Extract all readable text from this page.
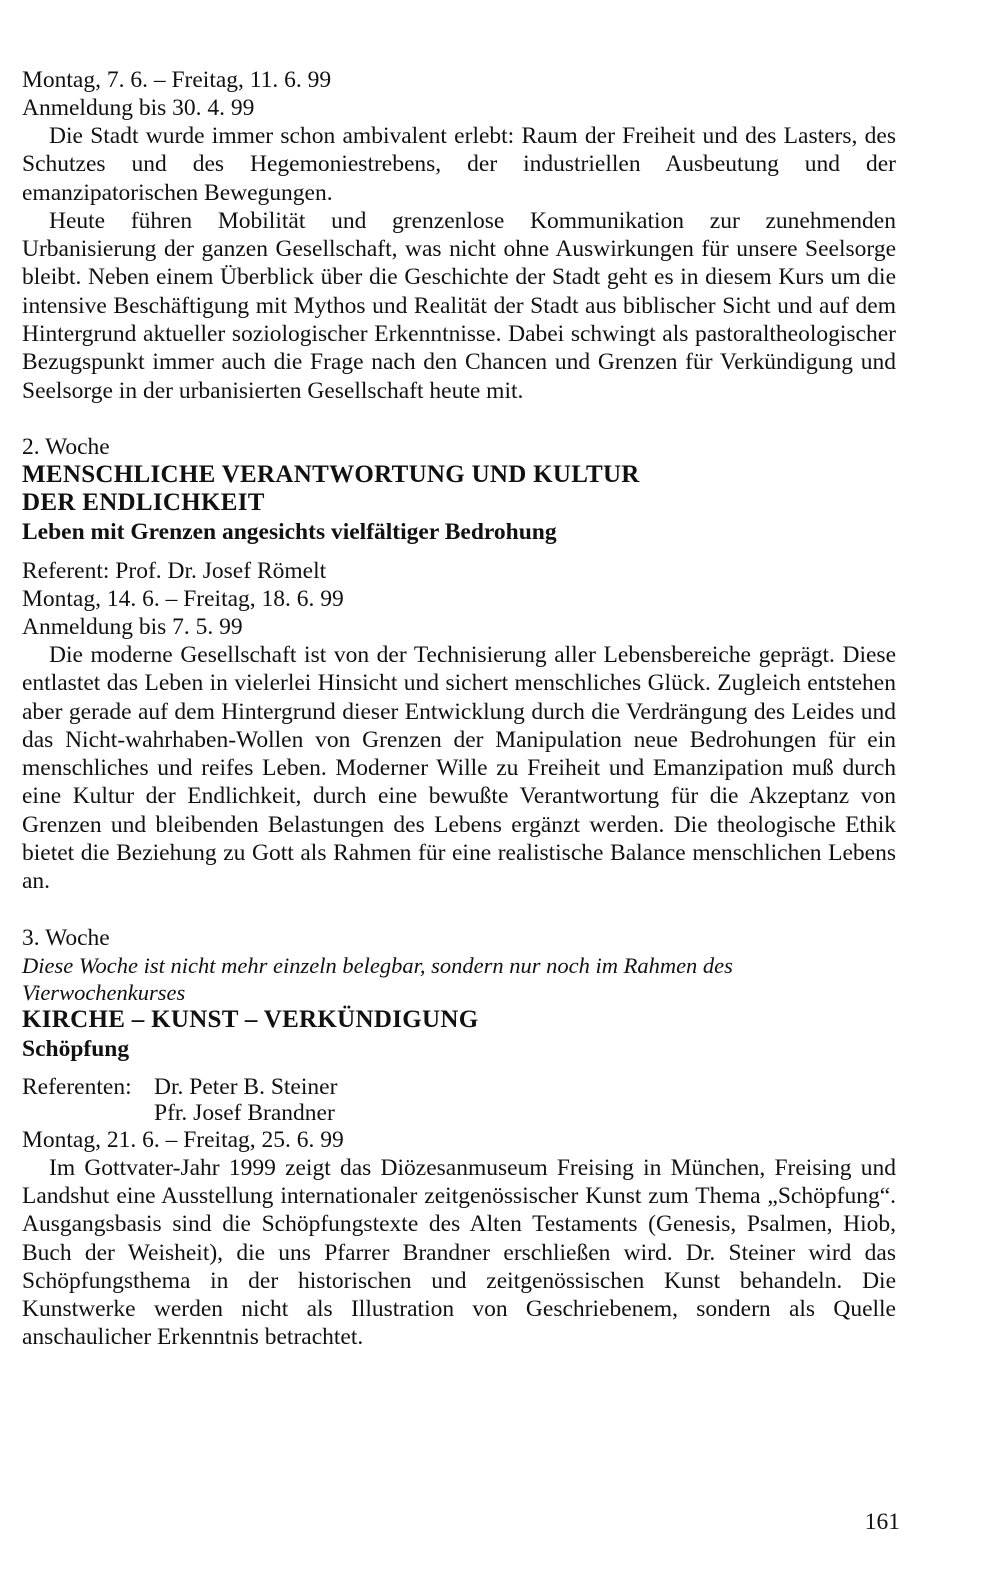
Montag, 7. 6. – Freitag, 11. 6. 99
Anmeldung bis 30. 4. 99

Die Stadt wurde immer schon ambivalent erlebt: Raum der Freiheit und des Lasters, des Schutzes und des Hegemoniestrebens, der industriellen Ausbeutung und der emanzipatorischen Bewegungen.

Heute führen Mobilität und grenzenlose Kommunikation zur zunehmenden Urbanisierung der ganzen Gesellschaft, was nicht ohne Auswirkungen für unsere Seelsorge bleibt. Neben einem Überblick über die Geschichte der Stadt geht es in diesem Kurs um die intensive Beschäftigung mit Mythos und Realität der Stadt aus biblischer Sicht und auf dem Hintergrund aktueller soziologischer Erkenntnisse. Dabei schwingt als pastoraltheologischer Bezugspunkt immer auch die Frage nach den Chancen und Grenzen für Verkündigung und Seelsorge in der urbanisierten Gesellschaft heute mit.

2. Woche
MENSCHLICHE VERANTWORTUNG UND KULTUR
DER ENDLICHKEIT
Leben mit Grenzen angesichts vielfältiger Bedrohung
Referent: Prof. Dr. Josef Römelt
Montag, 14. 6. – Freitag, 18. 6. 99
Anmeldung bis 7. 5. 99

Die moderne Gesellschaft ist von der Technisierung aller Lebensbereiche geprägt. Diese entlastet das Leben in vielerlei Hinsicht und sichert menschliches Glück. Zugleich entstehen aber gerade auf dem Hintergrund dieser Entwicklung durch die Verdrängung des Leides und das Nicht-wahrhaben-Wollen von Grenzen der Manipulation neue Bedrohungen für ein menschliches und reifes Leben. Moderner Wille zu Freiheit und Emanzipation muß durch eine Kultur der Endlichkeit, durch eine bewußte Verantwortung für die Akzeptanz von Grenzen und bleibenden Belastungen des Lebens ergänzt werden. Die theologische Ethik bietet die Beziehung zu Gott als Rahmen für eine realistische Balance menschlichen Lebens an.

3. Woche

Diese Woche ist nicht mehr einzeln belegbar, sondern nur noch im Rahmen des Vierwochenkurses

KIRCHE – KUNST – VERKÜNDIGUNG
Schöpfung
Referenten: Dr. Peter B. Steiner
Pfr. Josef Brandner
Montag, 21. 6. – Freitag, 25. 6. 99

Im Gottvater-Jahr 1999 zeigt das Diözesanmuseum Freising in München, Freising und Landshut eine Ausstellung internationaler zeitgenössischer Kunst zum Thema „Schöpfung“. Ausgangsbasis sind die Schöpfungstexte des Alten Testaments (Genesis, Psalmen, Hiob, Buch der Weisheit), die uns Pfarrer Brandner erschließen wird. Dr. Steiner wird das Schöpfungsthema in der historischen und zeitgenössischen Kunst behandeln. Die Kunstwerke werden nicht als Illustration von Geschriebenem, sondern als Quelle anschaulicher Erkenntnis betrachtet.

161
